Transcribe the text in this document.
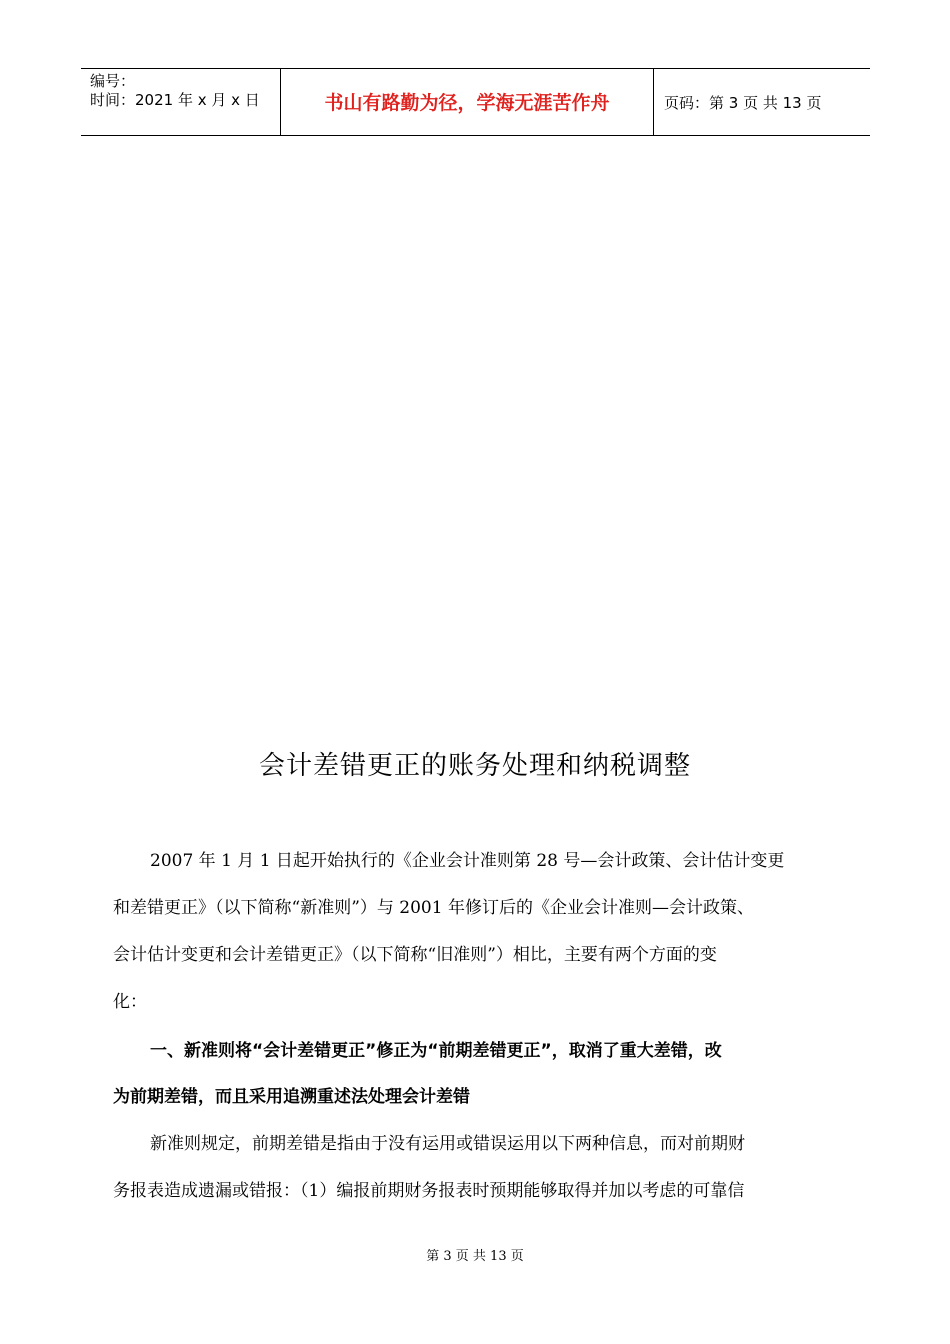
编号：
时间：2021 年 x 月 x 日	书山有路勤为径，学海无涯苦作舟	页码：第 3 页 共 13 页
会计差错更正的账务处理和纳税调整
2007 年 1 月 1 日起开始执行的《企业会计准则第 28 号—会计政策、会计估计变更
和差错更正》（以下简称“新准则”）与 2001 年修订后的《企业会计准则—会计政策、
会计估计变更和会计差错更正》（以下简称“旧准则”）相比，主要有两个方面的变
化：
一、新准则将“会计差错更正”修正为“前期差错更正”，取消了重大差错，改
为前期差错，而且采用追溯重述法处理会计差错
新准则规定，前期差错是指由于没有运用或错误运用以下两种信息，而对前期财
务报表造成遗漏或错报：（1）编报前期财务报表时预期能够取得并加以考虑的可靠信
第 3 页 共 13 页
